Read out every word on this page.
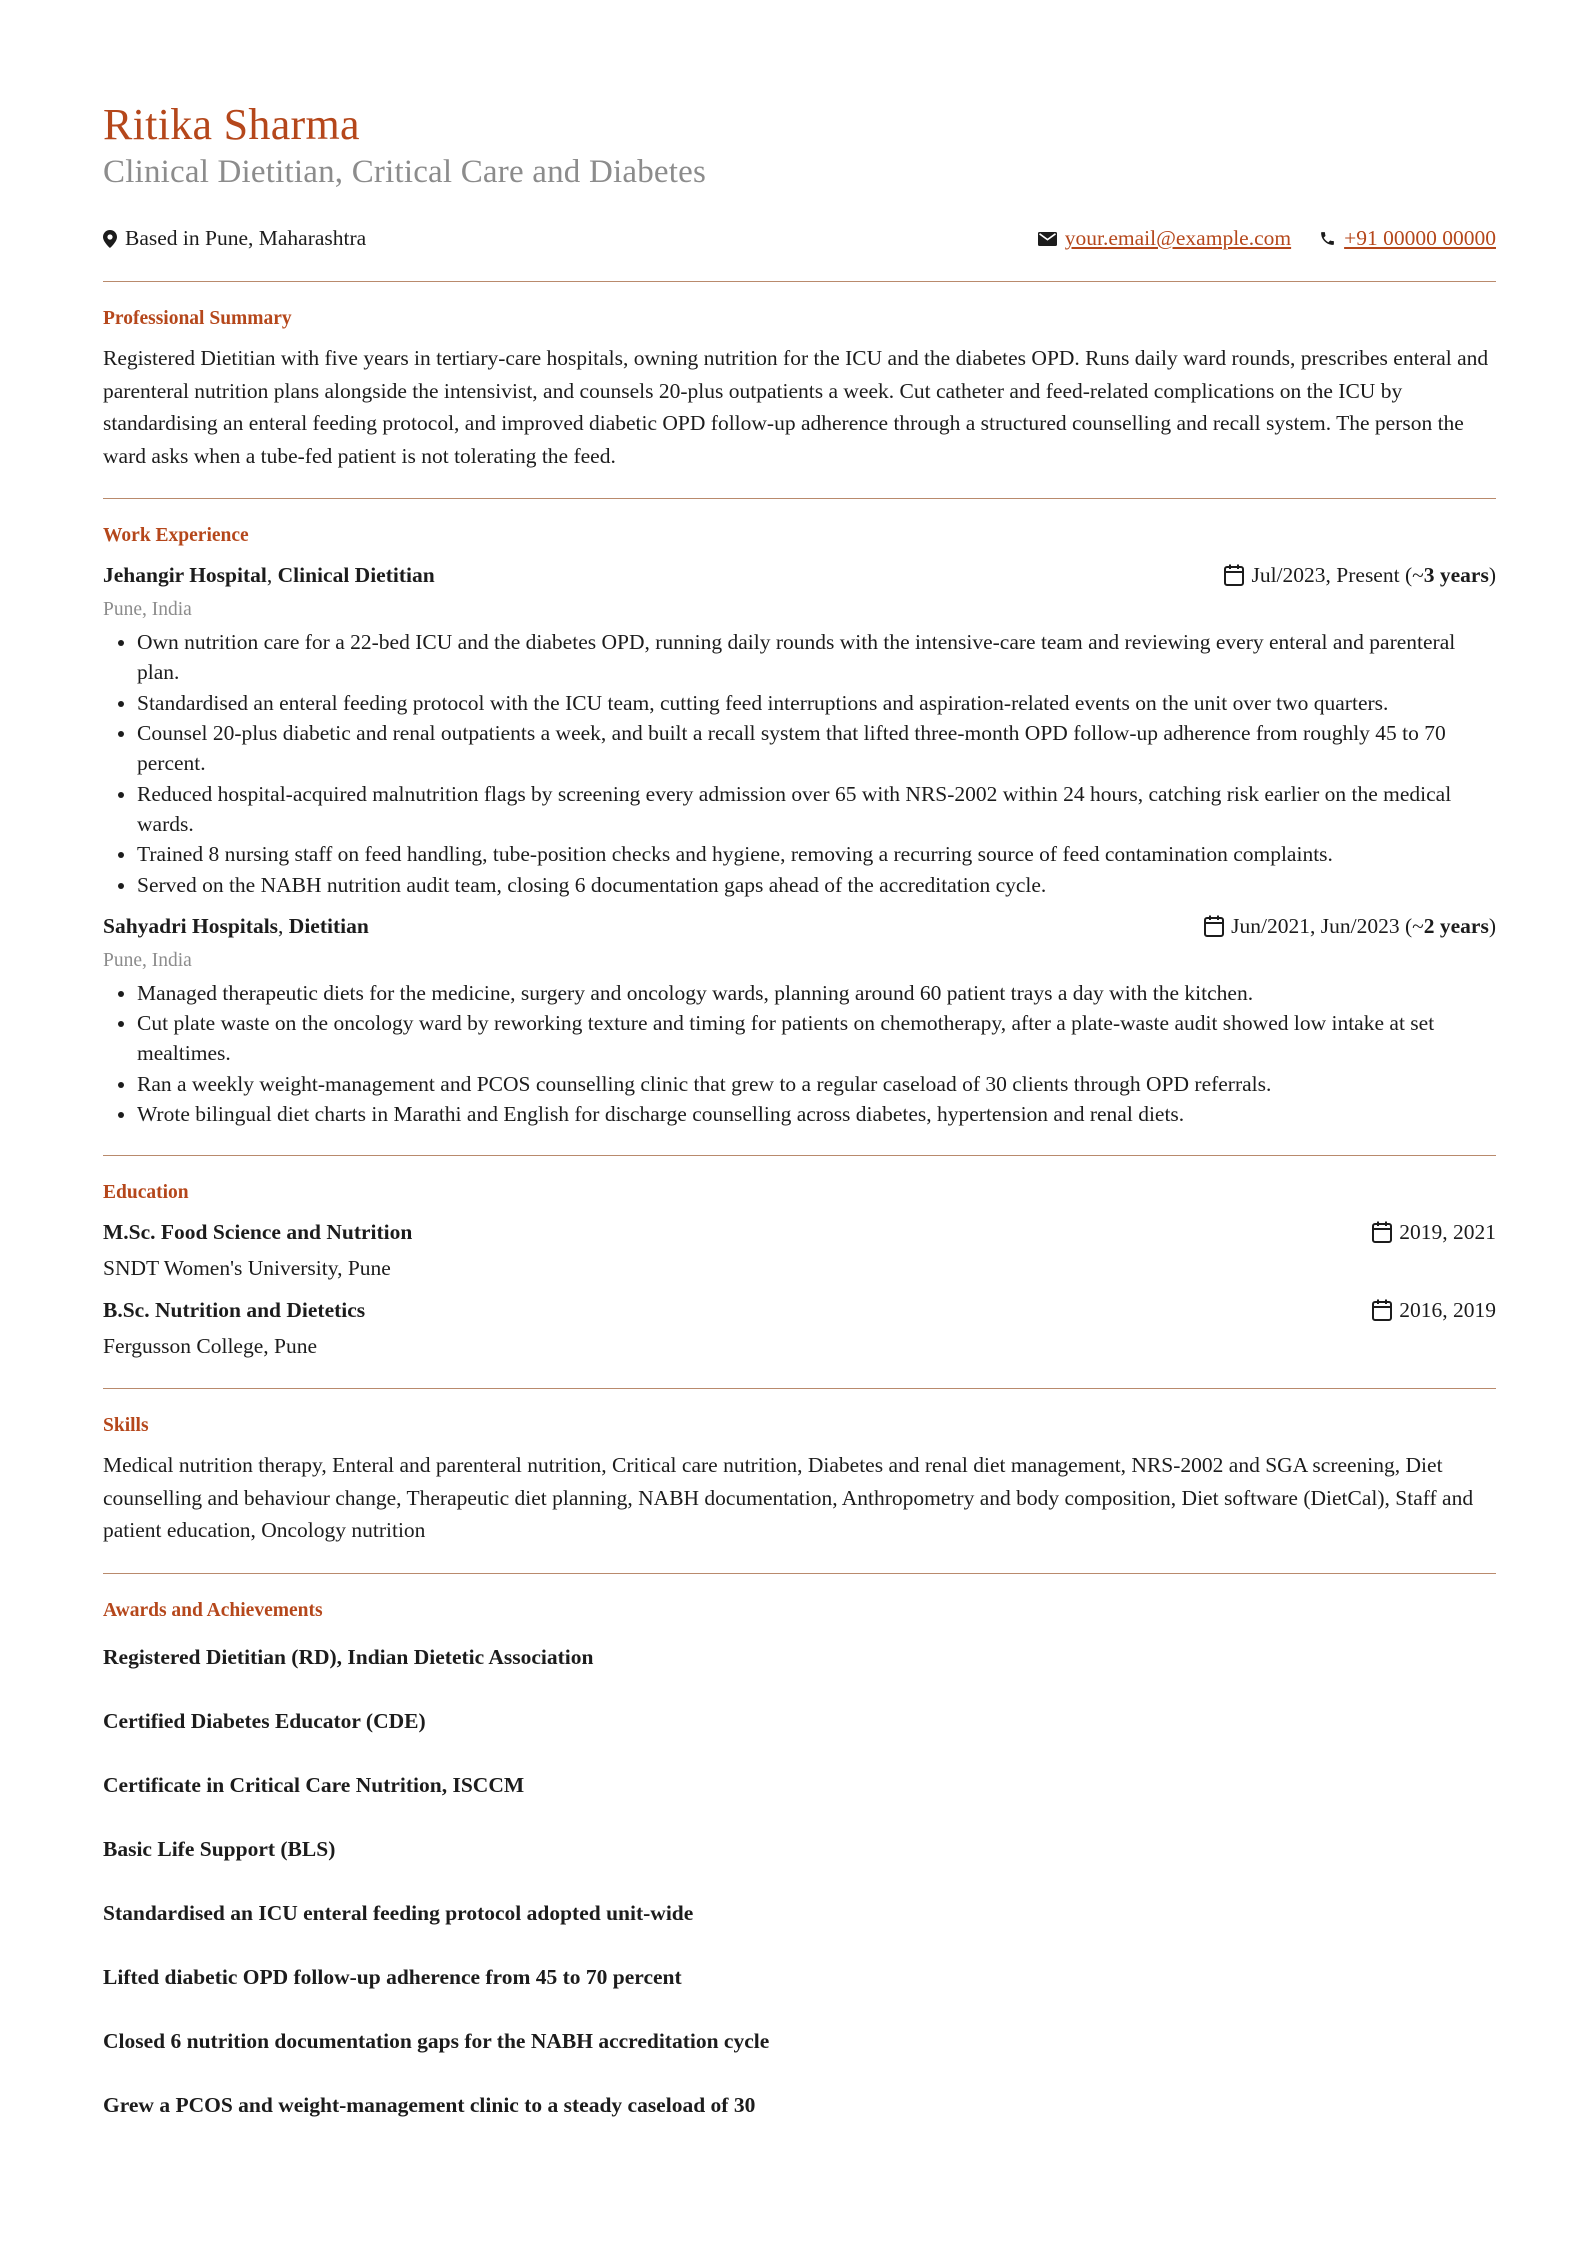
Ritika Sharma
Clinical Dietitian, Critical Care and Diabetes
Based in Pune, Maharashtra	your.email@example.com +91 00000 00000
Professional Summary

Registered Dietitian with five years in tertiary-care hospitals, owning nutrition for the ICU and the diabetes OPD. Runs daily ward rounds, prescribes enteral and parenteral nutrition plans alongside the intensivist, and counsels 20-plus outpatients a week. Cut catheter and feed-related complications on the ICU by standardising an enteral feeding protocol, and improved diabetic OPD follow-up adherence through a structured counselling and recall system. The person the ward asks when a tube-fed patient is not tolerating the feed.

Work Experience
Jehangir Hospital, Clinical Dietitian	Jul/2023, Present (~ 3 years )
Pune, India
• Own nutrition care for a 22-bed ICU and the diabetes OPD, running daily rounds with the intensive-care team and reviewing every enteral and parenteral plan.
• Standardised an enteral feeding protocol with the ICU team, cutting feed interruptions and aspiration-related events on the unit over two quarters.
• Counsel 20-plus diabetic and renal outpatients a week, and built a recall system that lifted three-month OPD follow-up adherence from roughly 45 to 70 percent.
• Reduced hospital-acquired malnutrition flags by screening every admission over 65 with NRS-2002 within 24 hours, catching risk earlier on the medical wards.
• Trained 8 nursing staff on feed handling, tube-position checks and hygiene, removing a recurring source of feed contamination complaints.
• Served on the NABH nutrition audit team, closing 6 documentation gaps ahead of the accreditation cycle.
Sahyadri Hospitals, Dietitian	Jun/2021, Jun/2023 (~ 2 years )
Pune, India
• Managed therapeutic diets for the medicine, surgery and oncology wards, planning around 60 patient trays a day with the kitchen.
• Cut plate waste on the oncology ward by reworking texture and timing for patients on chemotherapy, after a plate-waste audit showed low intake at set mealtimes.
• Ran a weekly weight-management and PCOS counselling clinic that grew to a regular caseload of 30 clients through OPD referrals.
• Wrote bilingual diet charts in Marathi and English for discharge counselling across diabetes, hypertension and renal diets.
Education
M.Sc. Food Science and Nutrition	2019, 2021
SNDT Women's University, Pune
B.Sc. Nutrition and Dietetics	2016, 2019
Fergusson College, Pune
Skills

Medical nutrition therapy, Enteral and parenteral nutrition, Critical care nutrition, Diabetes and renal diet management, NRS-2002 and SGA screening, Diet counselling and behaviour change, Therapeutic diet planning, NABH documentation, Anthropometry and body composition, Diet software (DietCal), Staff and patient education, Oncology nutrition

Awards and Achievements

Registered Dietitian (RD), Indian Dietetic Association

Certified Diabetes Educator (CDE)

Certificate in Critical Care Nutrition, ISCCM

Basic Life Support (BLS)

Standardised an ICU enteral feeding protocol adopted unit-wide

Lifted diabetic OPD follow-up adherence from 45 to 70 percent

Closed 6 nutrition documentation gaps for the NABH accreditation cycle

Grew a PCOS and weight-management clinic to a steady caseload of 30
